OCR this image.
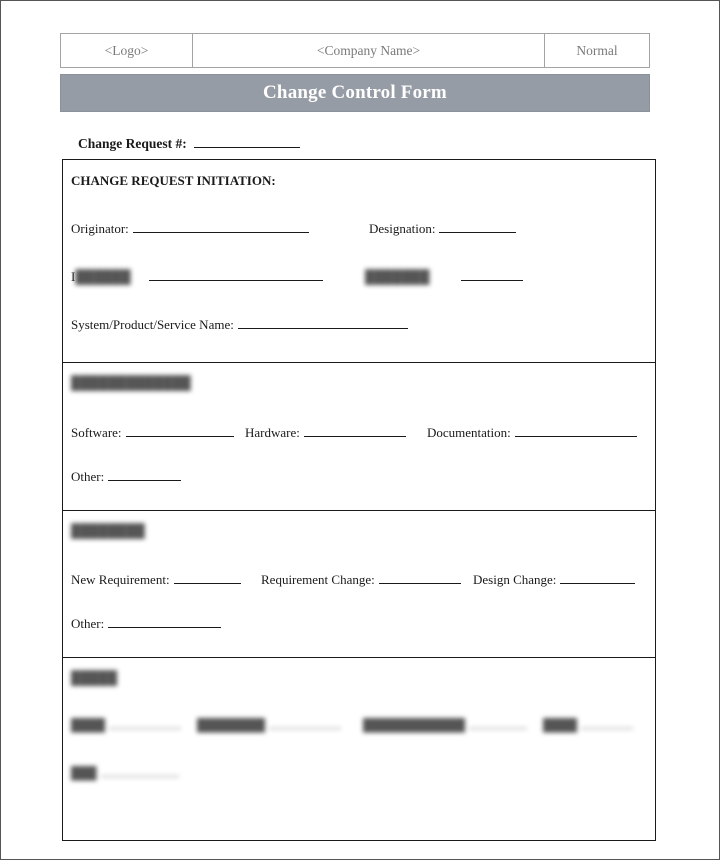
<Logo>	<Company Name>	Normal
Change Control Form
Change Request #:
CHANGE REQUEST INITIATION:
Originator:	Designation:
I██████	███████
System/Product/Service Name:
█████████████
Software:	Hardware:	Documentation:
Other:
████████
New Requirement:	Requirement Change:	Design Change:
Other:
█████
████	████████	████████████	████
███
